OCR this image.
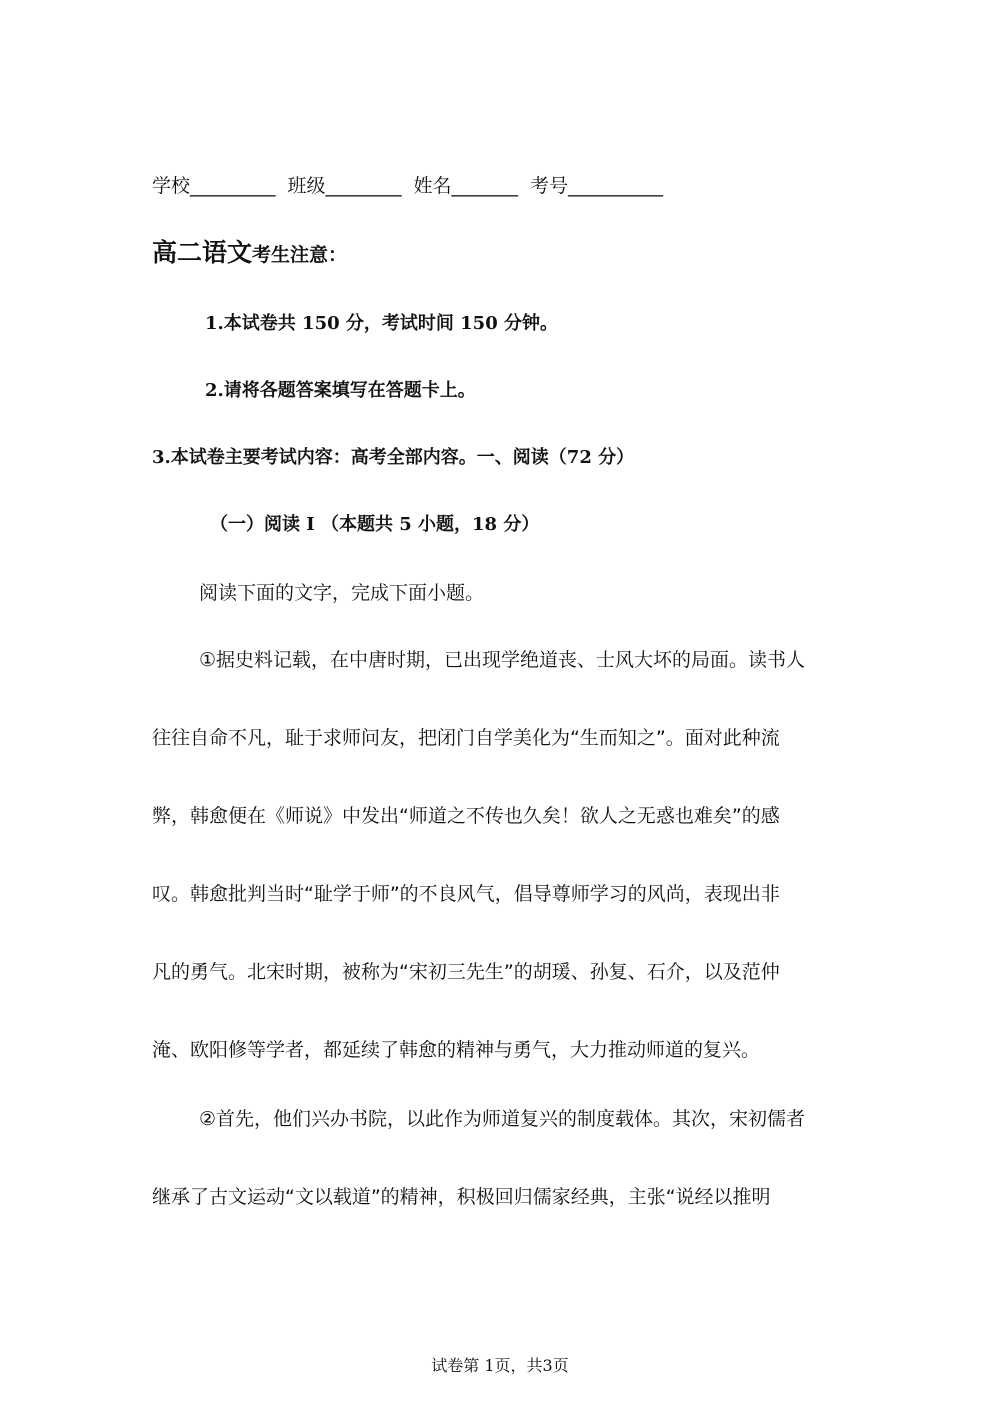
学校_________ 班级________ 姓名_______ 考号__________
高二语文考生注意：
1.本试卷共 150 分，考试时间 150 分钟。
2.请将各题答案填写在答题卡上。
3.本试卷主要考试内容：高考全部内容。一、阅读（72 分）
（一）阅读 I （本题共 5 小题，18 分）
阅读下面的文字，完成下面小题。
①据史料记载，在中唐时期，已出现学绝道丧、士风大坏的局面。读书人
往往自命不凡，耻于求师问友，把闭门自学美化为“生而知之”。面对此种流
弊，韩愈便在《师说》中发出“师道之不传也久矣！欲人之无惑也难矣”的感
叹。韩愈批判当时“耻学于师”的不良风气，倡导尊师学习的风尚，表现出非
凡的勇气。北宋时期，被称为“宋初三先生”的胡瑗、孙复、石介，以及范仲
淹、欧阳修等学者，都延续了韩愈的精神与勇气，大力推动师道的复兴。
②首先，他们兴办书院，以此作为师道复兴的制度载体。其次，宋初儒者
继承了古文运动“文以载道”的精神，积极回归儒家经典，主张“说经以推明
试卷第 1页，共3页
